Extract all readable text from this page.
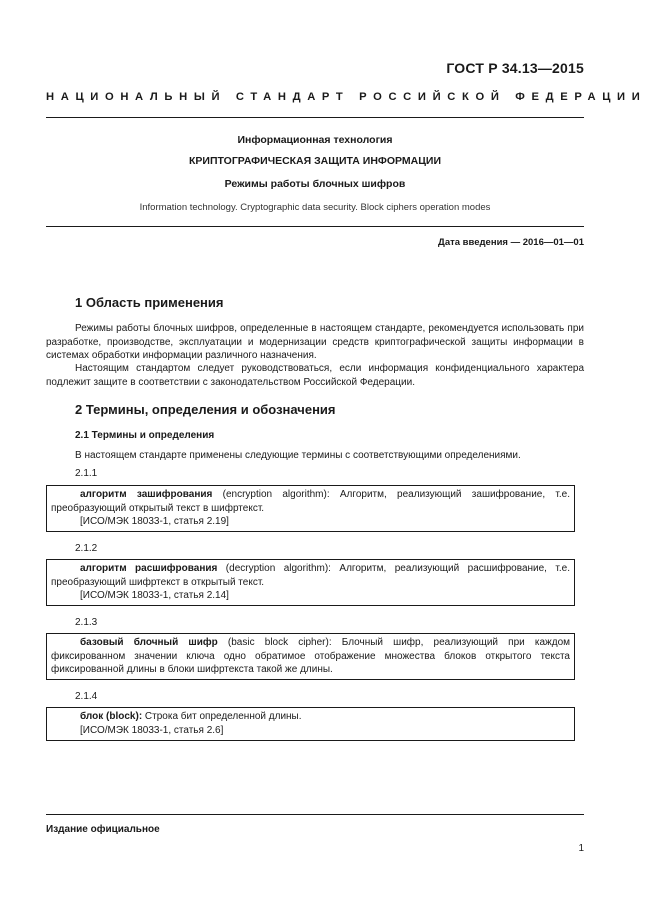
ГОСТ Р 34.13—2015
НАЦИОНАЛЬНЫЙ СТАНДАРТ РОССИЙСКОЙ ФЕДЕРАЦИИ
Информационная технология
КРИПТОГРАФИЧЕСКАЯ ЗАЩИТА ИНФОРМАЦИИ
Режимы работы блочных шифров
Information technology. Cryptographic data security. Block ciphers operation modes
Дата введения — 2016—01—01
1 Область применения

Режимы работы блочных шифров, определенные в настоящем стандарте, рекомендуется использовать при разработке, производстве, эксплуатации и модернизации средств криптографической защиты информации в системах обработки информации различного назначения.

Настоящим стандартом следует руководствоваться, если информация конфиденциального характера подлежит защите в соответствии с законодательством Российской Федерации.

2 Термины, определения и обозначения
2.1 Термины и определения

В настоящем стандарте применены следующие термины с соответствующими определениями.

2.1.1

алгоритм зашифрования (encryption algorithm): Алгоритм, реализующий зашифрование, т.е. преобразующий открытый текст в шифртекст.

[ИСО/МЭК 18033-1, статья 2.19]

2.1.2

алгоритм расшифрования (decryption algorithm): Алгоритм, реализующий расшифрование, т.е. преобразующий шифртекст в открытый текст.

[ИСО/МЭК 18033-1, статья 2.14]

2.1.3

базовый блочный шифр (basic block cipher): Блочный шифр, реализующий при каждом фиксированном значении ключа одно обратимое отображение множества блоков открытого текста фиксированной длины в блоки шифртекста такой же длины.

2.1.4

блок (block): Строка бит определенной длины.

[ИСО/МЭК 18033-1, статья 2.6]

Издание официальное
1
